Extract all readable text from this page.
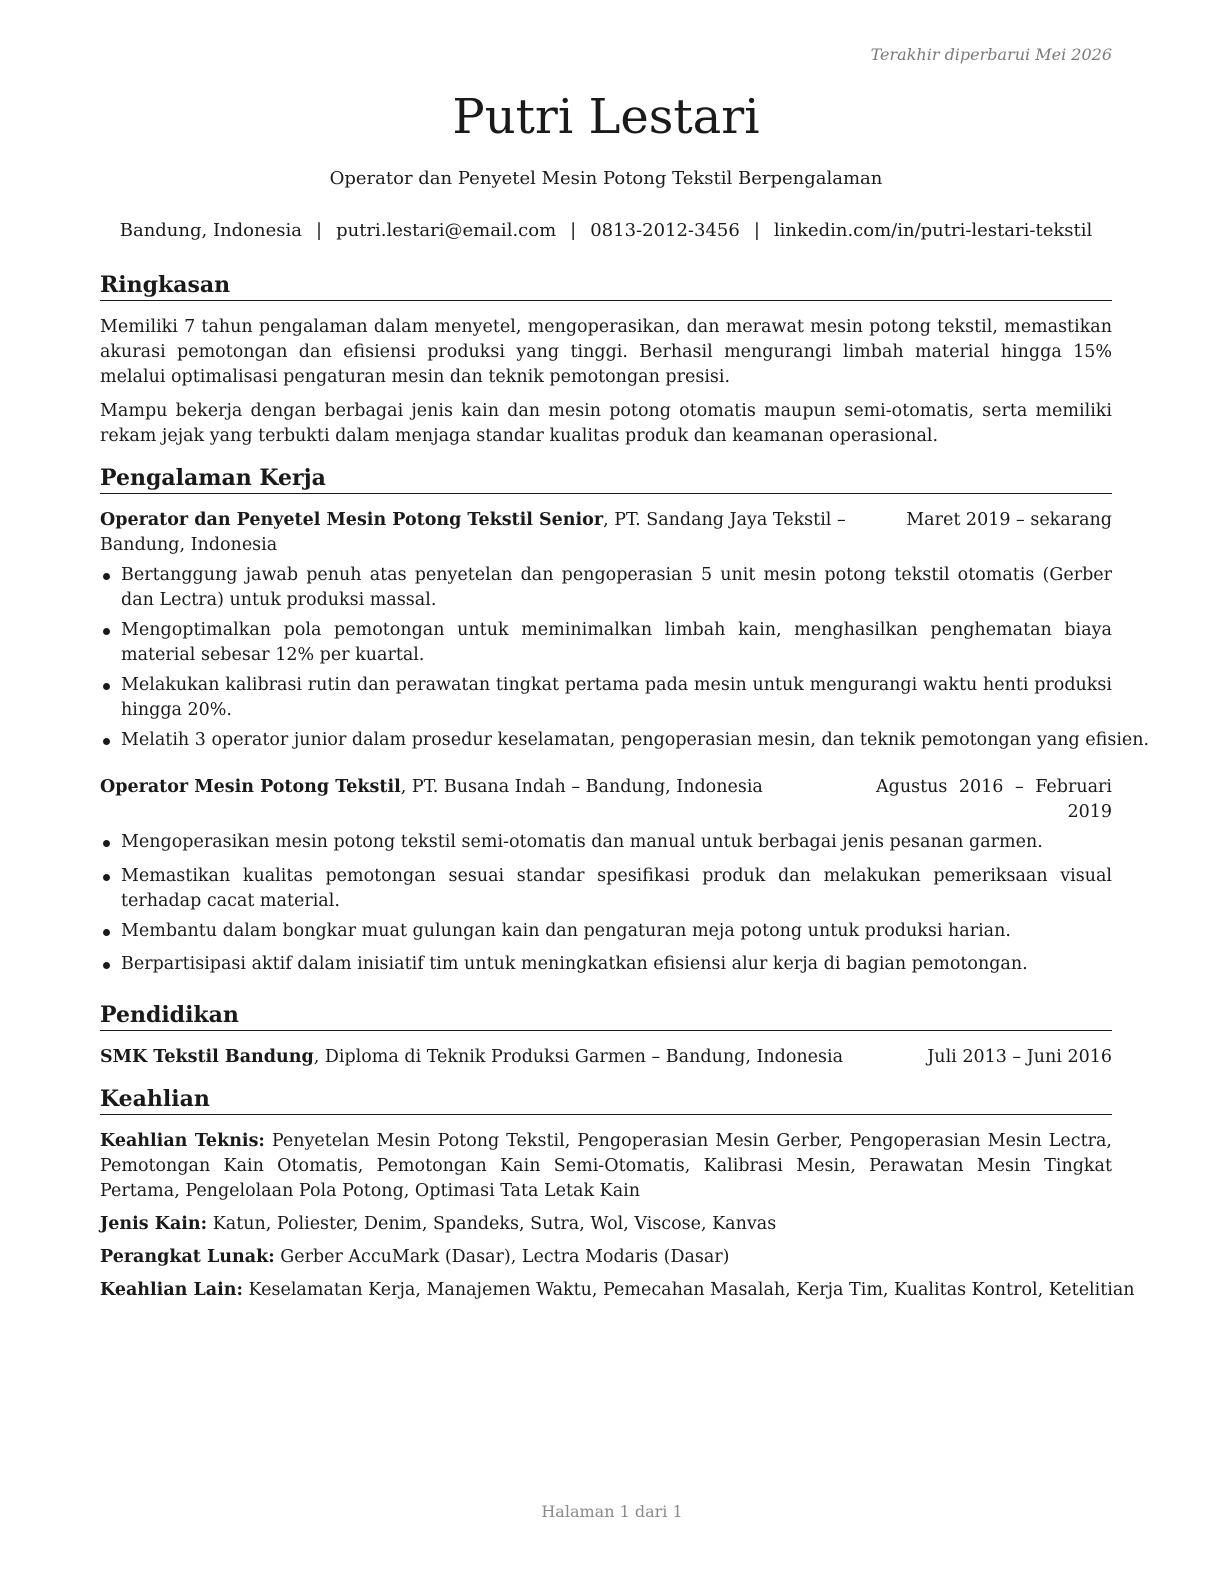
Terakhir diperbarui Mei 2026
Putri Lestari
Operator dan Penyetel Mesin Potong Tekstil Berpengalaman
Bandung, Indonesia | putri.lestari@email.com | 0813-2012-3456 | linkedin.com/in/putri-lestari-tekstil
Ringkasan

Memiliki 7 tahun pengalaman dalam menyetel, mengoperasikan, dan merawat mesin potong tekstil, memastikan akurasi pemotongan dan efisiensi produksi yang tinggi. Berhasil mengurangi limbah material hingga 15% melalui optimalisasi pengaturan mesin dan teknik pemotongan presisi.

Mampu bekerja dengan berbagai jenis kain dan mesin potong otomatis maupun semi-otomatis, serta memiliki rekam jejak yang terbukti dalam menjaga standar kualitas produk dan keamanan operasional.

Pengalaman Kerja
Operator dan Penyetel Mesin Potong Tekstil Senior, PT. Sandang Jaya Tekstil – Bandung, Indonesia
Maret 2019 – sekarang
Bertanggung jawab penuh atas penyetelan dan pengoperasian 5 unit mesin potong tekstil otomatis (Gerber dan Lectra) untuk produksi massal.
Mengoptimalkan pola pemotongan untuk meminimalkan limbah kain, menghasilkan penghematan biaya material sebesar 12% per kuartal.
Melakukan kalibrasi rutin dan perawatan tingkat pertama pada mesin untuk mengurangi waktu henti produksi hingga 20%.
Melatih 3 operator junior dalam prosedur keselamatan, pengoperasian mesin, dan teknik pemotongan yang efisien.
Operator Mesin Potong Tekstil, PT. Busana Indah – Bandung, Indonesia	Agustus 2016 – Februari 2019
Mengoperasikan mesin potong tekstil semi-otomatis dan manual untuk berbagai jenis pesanan garmen.
Memastikan kualitas pemotongan sesuai standar spesifikasi produk dan melakukan pemeriksaan visual terhadap cacat material.
Membantu dalam bongkar muat gulungan kain dan pengaturan meja potong untuk produksi harian.
Berpartisipasi aktif dalam inisiatif tim untuk meningkatkan efisiensi alur kerja di bagian pemotongan.
Pendidikan
SMK Tekstil Bandung, Diploma di Teknik Produksi Garmen – Bandung, Indonesia	Juli 2013 – Juni 2016
Keahlian

Keahlian Teknis: Penyetelan Mesin Potong Tekstil, Pengoperasian Mesin Gerber, Pengoperasian Mesin Lectra, Pemotongan Kain Otomatis, Pemotongan Kain Semi-Otomatis, Kalibrasi Mesin, Perawatan Mesin Tingkat Pertama, Pengelolaan Pola Potong, Optimasi Tata Letak Kain

Jenis Kain: Katun, Poliester, Denim, Spandeks, Sutra, Wol, Viscose, Kanvas

Perangkat Lunak: Gerber AccuMark (Dasar), Lectra Modaris (Dasar)

Keahlian Lain: Keselamatan Kerja, Manajemen Waktu, Pemecahan Masalah, Kerja Tim, Kualitas Kontrol, Ketelitian

Halaman 1 dari 1
